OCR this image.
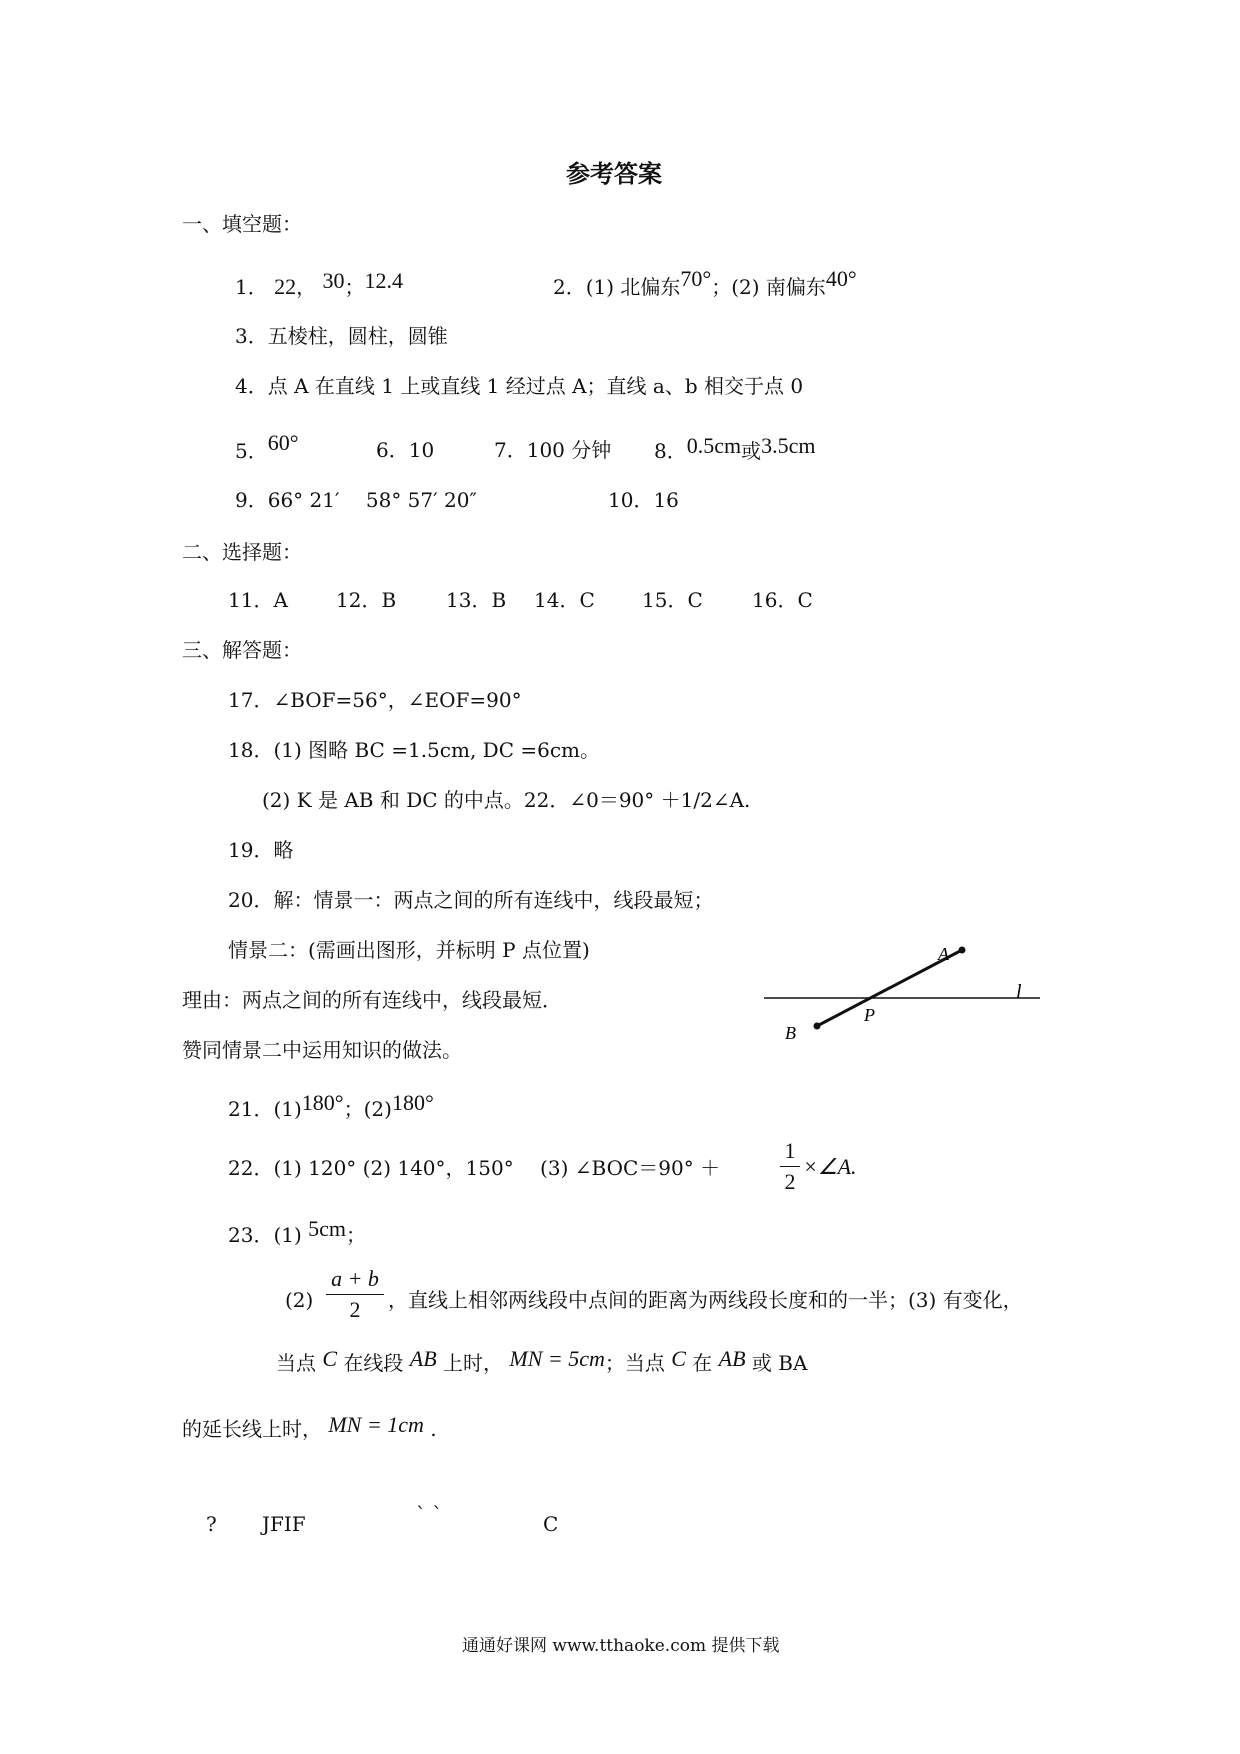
参考答案
一、填空题：
1． 22， 30；12.4	2．(1) 北偏东70°；(2) 南偏东40°
3．五棱柱，圆柱，圆锥
4．点 A 在直线 1 上或直线 1 经过点 A；直线 a、b 相交于点 0
5．60°	6．10	7．100 分钟 8．0.5cm或3.5cm
9．66° 21′　 58° 57′ 20″	10．16
二、选择题：
11．A 12．B 13．B 14．C 15．C 16．C
三、解答题：
17．∠BOF=56°，∠EOF=90°
18．(1) 图略 BC =1.5cm, DC =6cm。
(2) K 是 AB 和 DC 的中点。22．∠0＝90° ＋1/2∠A.
19．略
20．解：情景一：两点之间的所有连线中，线段最短；
情景二：(需画出图形，并标明 P 点位置)
理由：两点之间的所有连线中，线段最短．
赞同情景二中运用知识的做法。
A
B
P
l
21．(1)180°；(2)180°
22．(1) 120° (2) 140°，150°　 (3) ∠BOC＝90° ＋
1
2
×∠A.
23．(1) 5cm；
(2)
a + b
2	，直线上相邻两线段中点间的距离为两线段长度和的一半；(3) 有变化，
当点 C 在线段 AB 上时， MN = 5cm；当点 C 在 AB 或 BA
的延长线上时， MN = 1cm .
? JFIF	` `	C
通通好课网 www.tthaoke.com 提供下载
